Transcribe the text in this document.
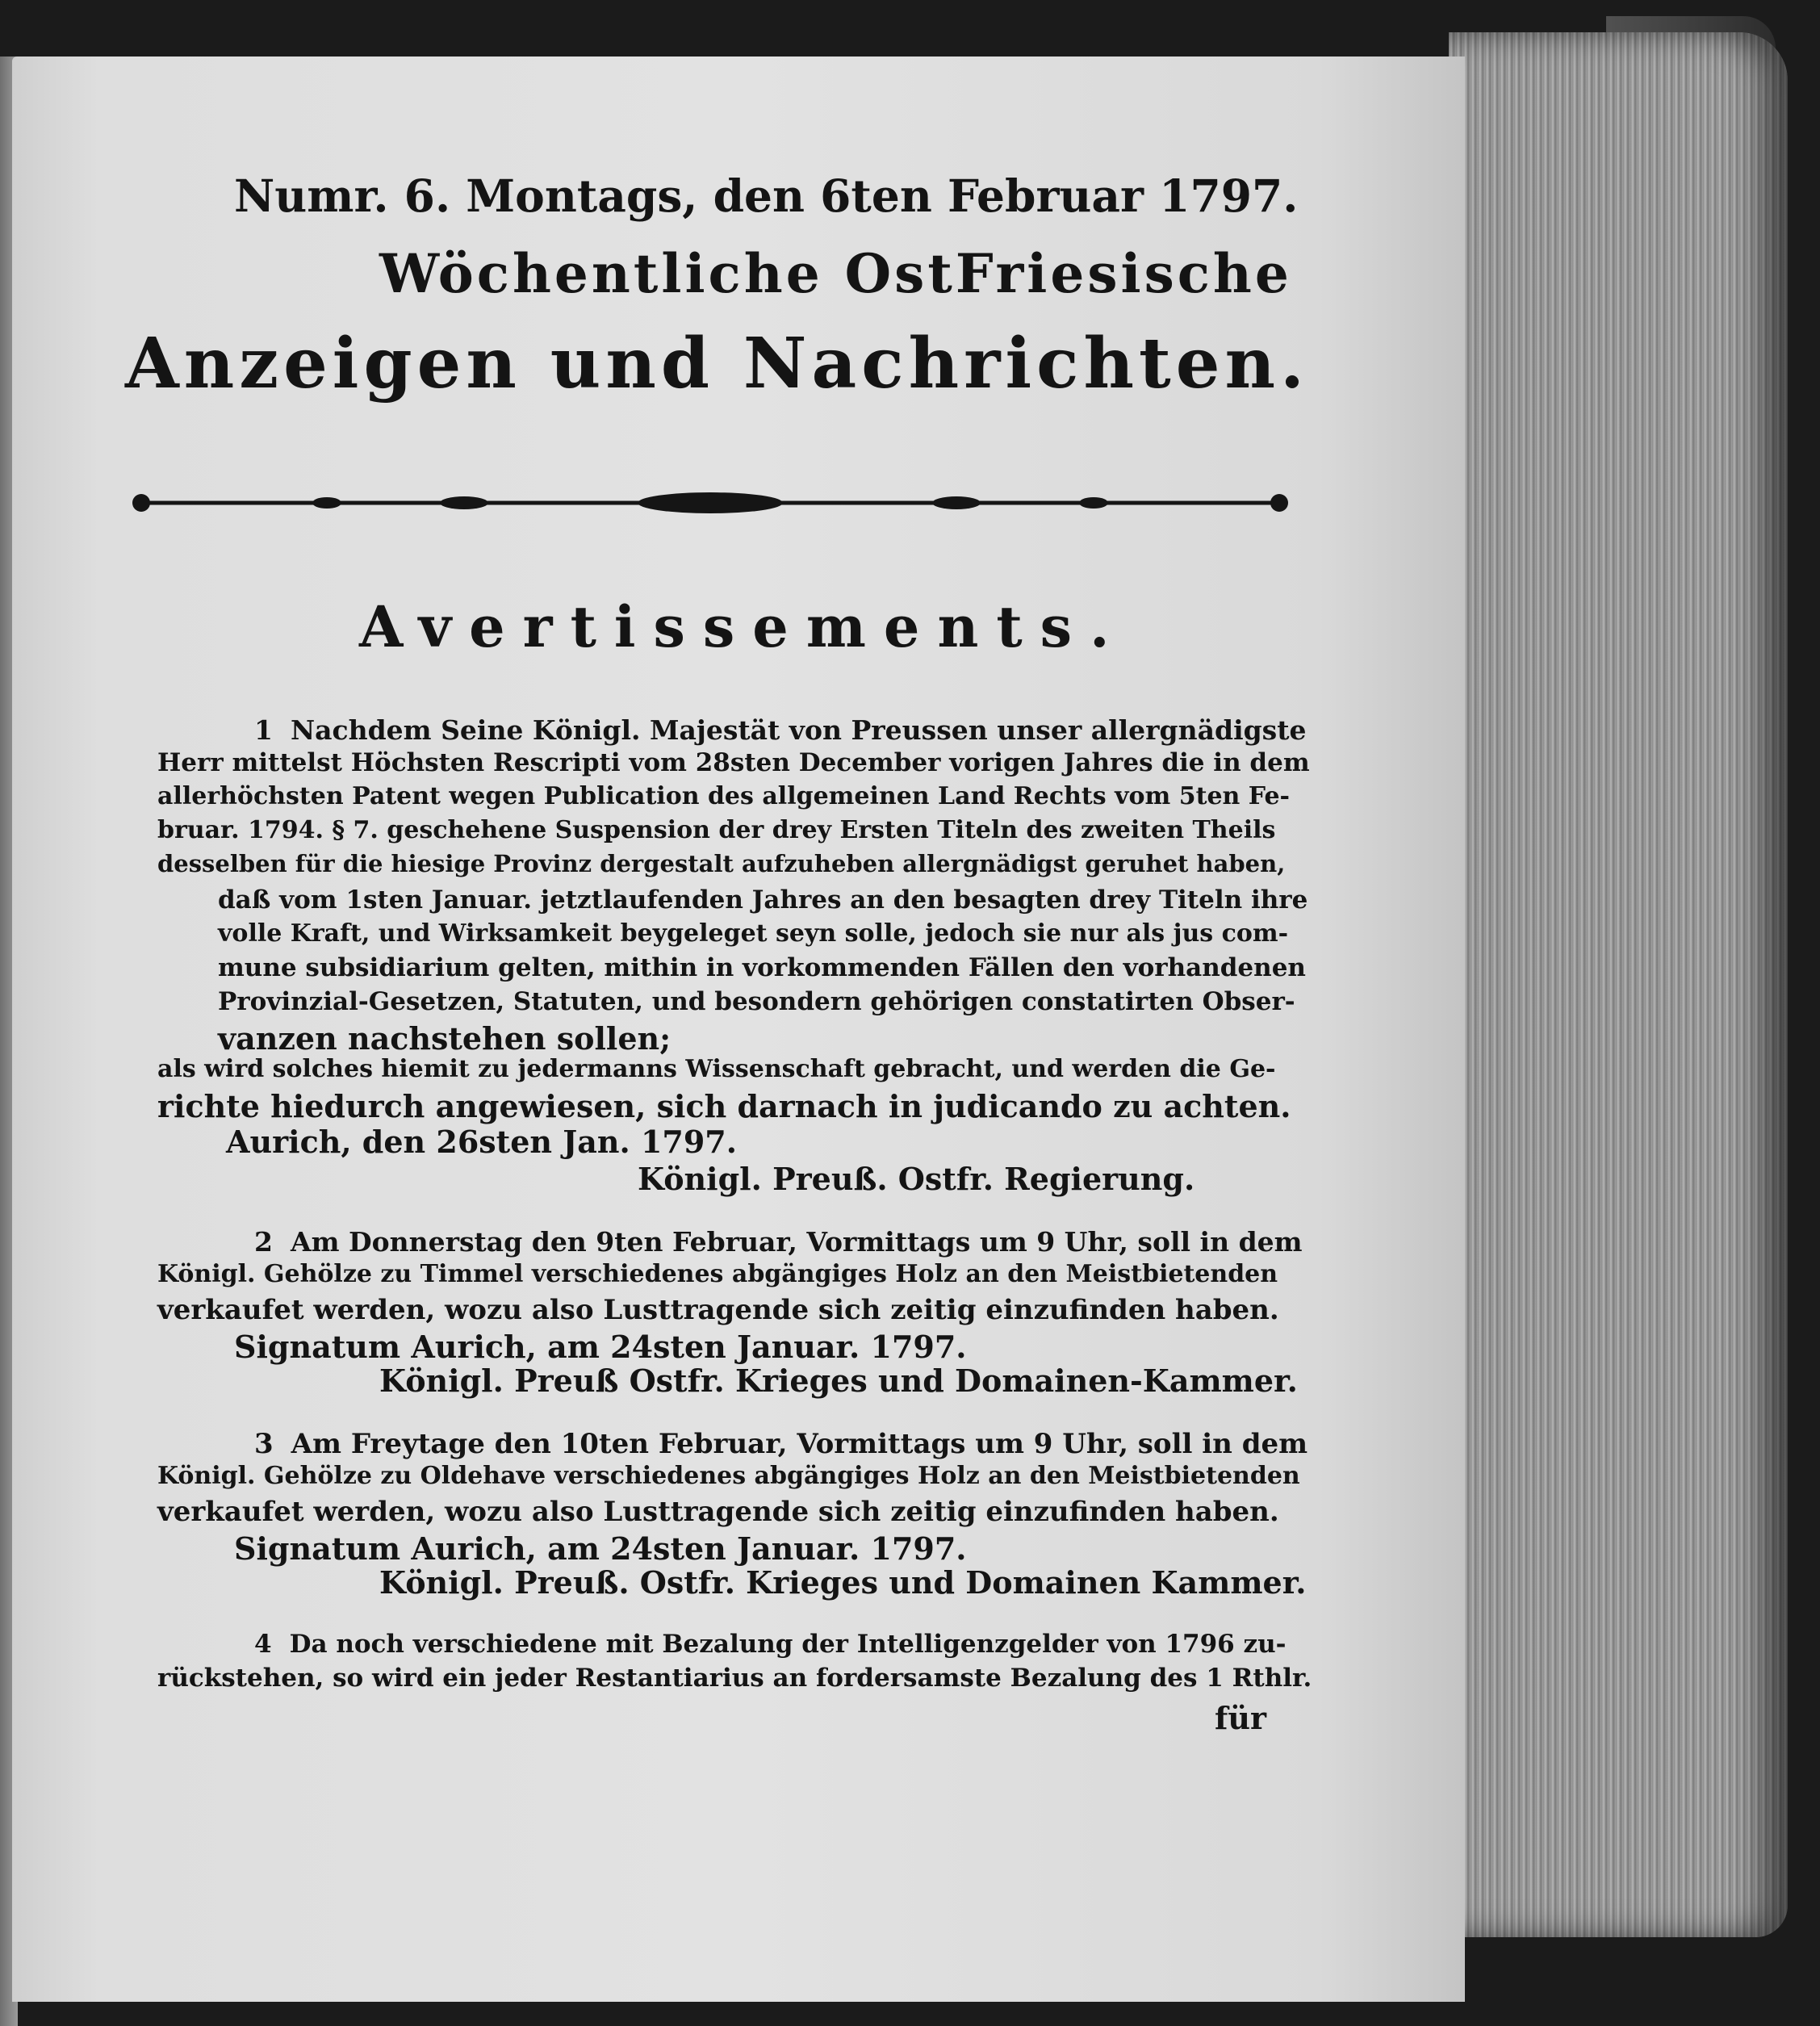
Numr. 6. Montags, den 6ten Februar 1797.
Wöchentliche OstFriesische
Anzeigen und Nachrichten.
Avertissements.
1 Nachdem Seine Königl. Majestät von Preussen unser allergnädigste
Herr mittelst Höchsten Rescripti vom 28sten December vorigen Jahres die in dem
allerhöchsten Patent wegen Publication des allgemeinen Land Rechts vom 5ten Fe-
bruar. 1794. § 7. geschehene Suspension der drey Ersten Titeln des zweiten Theils
desselben für die hiesige Provinz dergestalt aufzuheben allergnädigst geruhet haben,
daß vom 1sten Januar. jetztlaufenden Jahres an den besagten drey Titeln ihre
volle Kraft, und Wirksamkeit beygeleget seyn solle, jedoch sie nur als jus com-
mune subsidiarium gelten, mithin in vorkommenden Fällen den vorhandenen
Provinzial-Gesetzen, Statuten, und besondern gehörigen constatirten Obser-
vanzen nachstehen sollen;
als wird solches hiemit zu jedermanns Wissenschaft gebracht, und werden die Ge-
richte hiedurch angewiesen, sich darnach in judicando zu achten.
Aurich, den 26sten Jan. 1797.
Königl. Preuß. Ostfr. Regierung.
2 Am Donnerstag den 9ten Februar, Vormittags um 9 Uhr, soll in dem
Königl. Gehölze zu Timmel verschiedenes abgängiges Holz an den Meistbietenden
verkaufet werden, wozu also Lusttragende sich zeitig einzufinden haben.
Signatum Aurich, am 24sten Januar. 1797.
Königl. Preuß Ostfr. Krieges und Domainen-Kammer.
3 Am Freytage den 10ten Februar, Vormittags um 9 Uhr, soll in dem
Königl. Gehölze zu Oldehave verschiedenes abgängiges Holz an den Meistbietenden
verkaufet werden, wozu also Lusttragende sich zeitig einzufinden haben.
Signatum Aurich, am 24sten Januar. 1797.
Königl. Preuß. Ostfr. Krieges und Domainen Kammer.
4 Da noch verschiedene mit Bezalung der Intelligenzgelder von 1796 zu-
rückstehen, so wird ein jeder Restantiarius an fordersamste Bezalung des 1 Rthlr.
für
